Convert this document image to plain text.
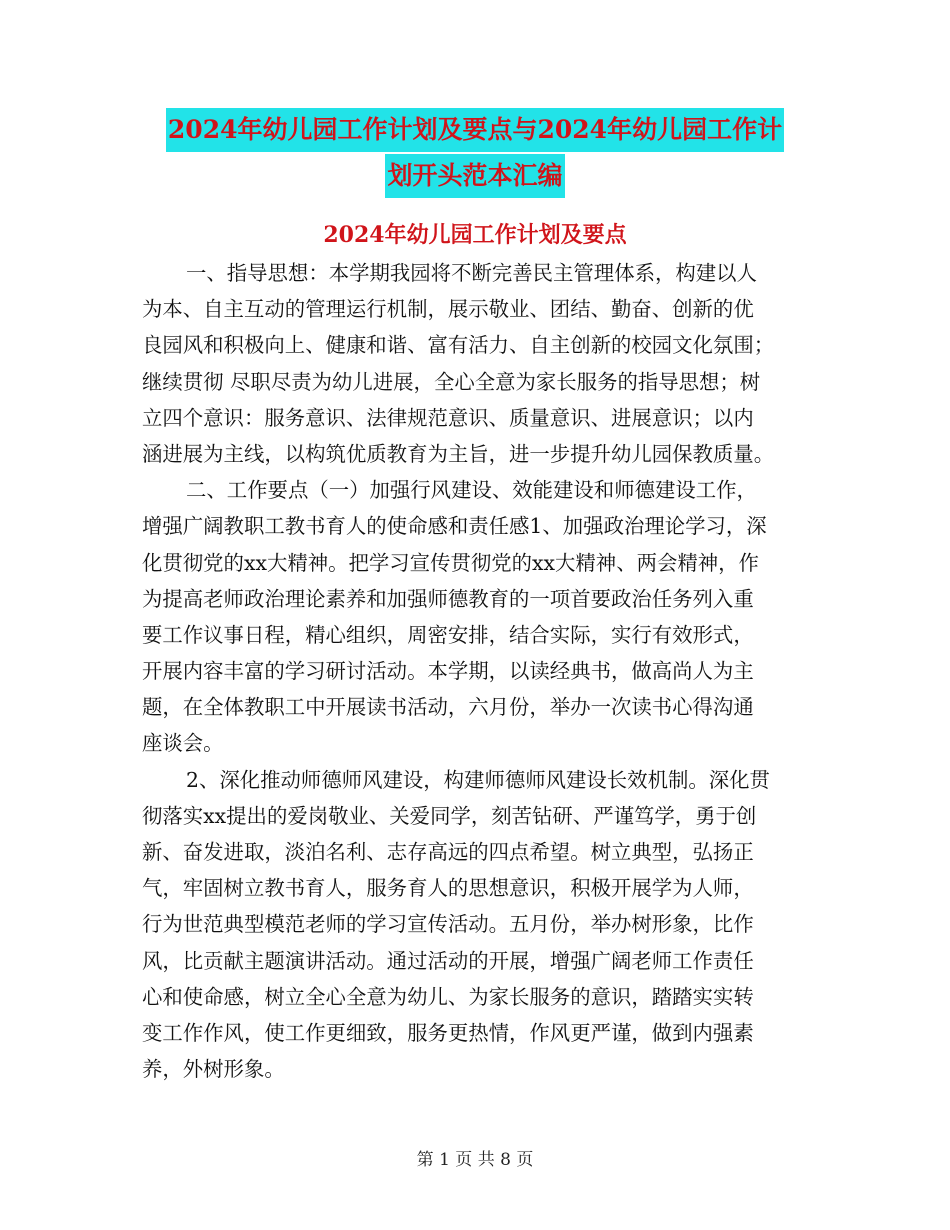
2024年幼儿园工作计划及要点与2024年幼儿园工作计
划开头范本汇编
2024年幼儿园工作计划及要点
一、指导思想：本学期我园将不断完善民主管理体系，构建以人
为本、自主互动的管理运行机制，展示敬业、团结、勤奋、创新的优
良园风和积极向上、健康和谐、富有活力、自主创新的校园文化氛围；
继续贯彻 尽职尽责为幼儿进展，全心全意为家长服务的指导思想；树
立四个意识：服务意识、法律规范意识、质量意识、进展意识；以内
涵进展为主线，以构筑优质教育为主旨，进一步提升幼儿园保教质量。
二、工作要点（一）加强行风建设、效能建设和师德建设工作，
增强广阔教职工教书育人的使命感和责任感1、加强政治理论学习，深
化贯彻党的xx大精神。把学习宣传贯彻党的xx大精神、两会精神，作
为提高老师政治理论素养和加强师德教育的一项首要政治任务列入重
要工作议事日程，精心组织，周密安排，结合实际，实行有效形式，
开展内容丰富的学习研讨活动。本学期，以读经典书，做高尚人为主
题，在全体教职工中开展读书活动，六月份，举办一次读书心得沟通
座谈会。
2、深化推动师德师风建设，构建师德师风建设长效机制。深化贯
彻落实xx提出的爱岗敬业、关爱同学，刻苦钻研、严谨笃学，勇于创
新、奋发进取，淡泊名利、志存高远的四点希望。树立典型，弘扬正
气，牢固树立教书育人，服务育人的思想意识，积极开展学为人师，
行为世范典型模范老师的学习宣传活动。五月份，举办树形象，比作
风，比贡献主题演讲活动。通过活动的开展，增强广阔老师工作责任
心和使命感，树立全心全意为幼儿、为家长服务的意识，踏踏实实转
变工作作风，使工作更细致，服务更热情，作风更严谨，做到内强素
养，外树形象。
第 1 页 共 8 页
